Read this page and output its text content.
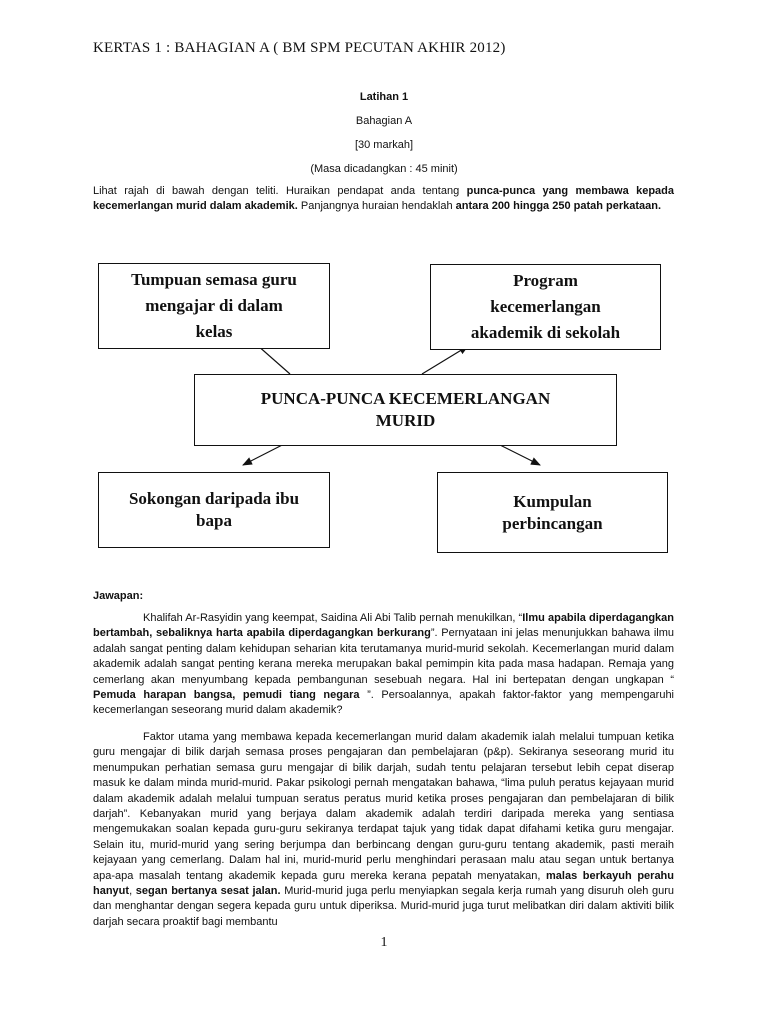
KERTAS 1 : BAHAGIAN A ( BM SPM PECUTAN AKHIR 2012)
Latihan 1
Bahagian A
[30 markah]
(Masa dicadangkan : 45 minit)

Lihat rajah di bawah dengan teliti. Huraikan pendapat anda tentang punca-punca yang membawa kepada kecemerlangan murid dalam akademik. Panjangnya huraian hendaklah antara 200 hingga 250 patah perkataan.

Tumpuan semasa guru
mengajar di dalam
kelas
Program
kecemerlangan
akademik di sekolah
PUNCA-PUNCA KECEMERLANGAN
MURID
Sokongan daripada ibu
bapa
Kumpulan
perbincangan
Jawapan:

Khalifah Ar-Rasyidin yang keempat, Saidina Ali Abi Talib pernah menukilkan, “Ilmu apabila diperdagangkan bertambah, sebaliknya harta apabila diperdagangkan berkurang”. Pernyataan ini jelas menunjukkan bahawa ilmu adalah sangat penting dalam kehidupan seharian kita terutamanya murid-murid sekolah. Kecemerlangan murid dalam akademik adalah sangat penting kerana mereka merupakan bakal pemimpin kita pada masa hadapan. Remaja yang cemerlang akan menyumbang kepada pembangunan sesebuah negara. Hal ini bertepatan dengan ungkapan “ Pemuda harapan bangsa, pemudi tiang negara ”. Persoalannya, apakah faktor-faktor yang mempengaruhi kecemerlangan seseorang murid dalam akademik?

Faktor utama yang membawa kepada kecemerlangan murid dalam akademik ialah melalui tumpuan ketika guru mengajar di bilik darjah semasa proses pengajaran dan pembelajaran (p&p). Sekiranya seseorang murid itu menumpukan perhatian semasa guru mengajar di bilik darjah, sudah tentu pelajaran tersebut lebih cepat diserap masuk ke dalam minda murid-murid. Pakar psikologi pernah mengatakan bahawa, “lima puluh peratus kejayaan murid dalam akademik adalah melalui tumpuan seratus peratus murid ketika proses pengajaran dan pembelajaran di bilik darjah”. Kebanyakan murid yang berjaya dalam akademik adalah terdiri daripada mereka yang sentiasa mengemukakan soalan kepada guru-guru sekiranya terdapat tajuk yang tidak dapat difahami ketika guru mengajar. Selain itu, murid-murid yang sering berjumpa dan berbincang dengan guru-guru tentang akademik, pasti meraih kejayaan yang cemerlang. Dalam hal ini, murid-murid perlu menghindari perasaan malu atau segan untuk bertanya apa-apa masalah tentang akademik kepada guru mereka kerana pepatah menyatakan, malas berkayuh perahu hanyut, segan bertanya sesat jalan. Murid-murid juga perlu menyiapkan segala kerja rumah yang disuruh oleh guru dan menghantar dengan segera kepada guru untuk diperiksa. Murid-murid juga turut melibatkan diri dalam aktiviti bilik darjah secara proaktif bagi membantu

1
